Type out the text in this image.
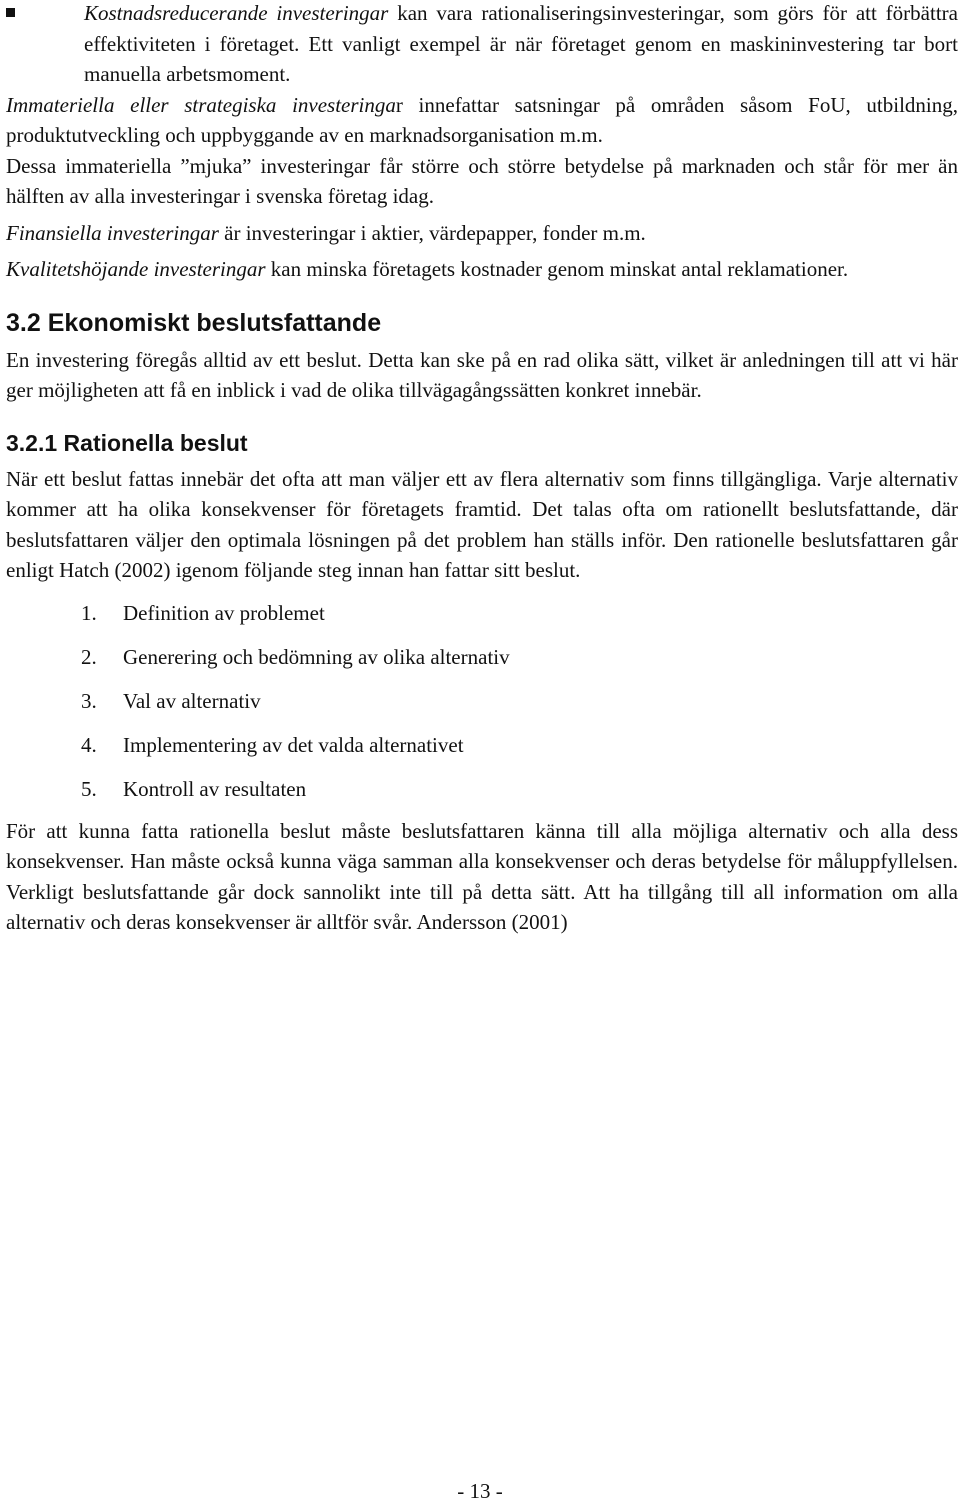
Kostnadsreducerande investeringar kan vara rationaliseringsinvesteringar, som görs för att förbättra effektiviteten i företaget. Ett vanligt exempel är när företaget genom en maskininvestering tar bort manuella arbetsmoment.

Immateriella eller strategiska investeringar innefattar satsningar på områden såsom FoU, utbildning, produktutveckling och uppbyggande av en marknadsorganisation m.m.

Dessa immateriella ”mjuka” investeringar får större och större betydelse på marknaden och står för mer än hälften av alla investeringar i svenska företag idag.

Finansiella investeringar är investeringar i aktier, värdepapper, fonder m.m.

Kvalitetshöjande investeringar kan minska företagets kostnader genom minskat antal reklamationer.

3.2 Ekonomiskt beslutsfattande

En investering föregås alltid av ett beslut. Detta kan ske på en rad olika sätt, vilket är anledningen till att vi här ger möjligheten att få en inblick i vad de olika tillvägagångssätten konkret innebär.

3.2.1 Rationella beslut

När ett beslut fattas innebär det ofta att man väljer ett av flera alternativ som finns tillgängliga. Varje alternativ kommer att ha olika konsekvenser för företagets framtid. Det talas ofta om rationellt beslutsfattande, där beslutsfattaren väljer den optimala lösningen på det problem han ställs inför. Den rationelle beslutsfattaren går enligt Hatch (2002) igenom följande steg innan han fattar sitt beslut.

1. Definition av problemet
2. Generering och bedömning av olika alternativ
3. Val av alternativ
4. Implementering av det valda alternativet
5. Kontroll av resultaten

För att kunna fatta rationella beslut måste beslutsfattaren känna till alla möjliga alternativ och alla dess konsekvenser. Han måste också kunna väga samman alla konsekvenser och deras betydelse för måluppfyllelsen. Verkligt beslutsfattande går dock sannolikt inte till på detta sätt. Att ha tillgång till all information om alla alternativ och deras konsekvenser är alltför svår. Andersson (2001)

- 13 -
